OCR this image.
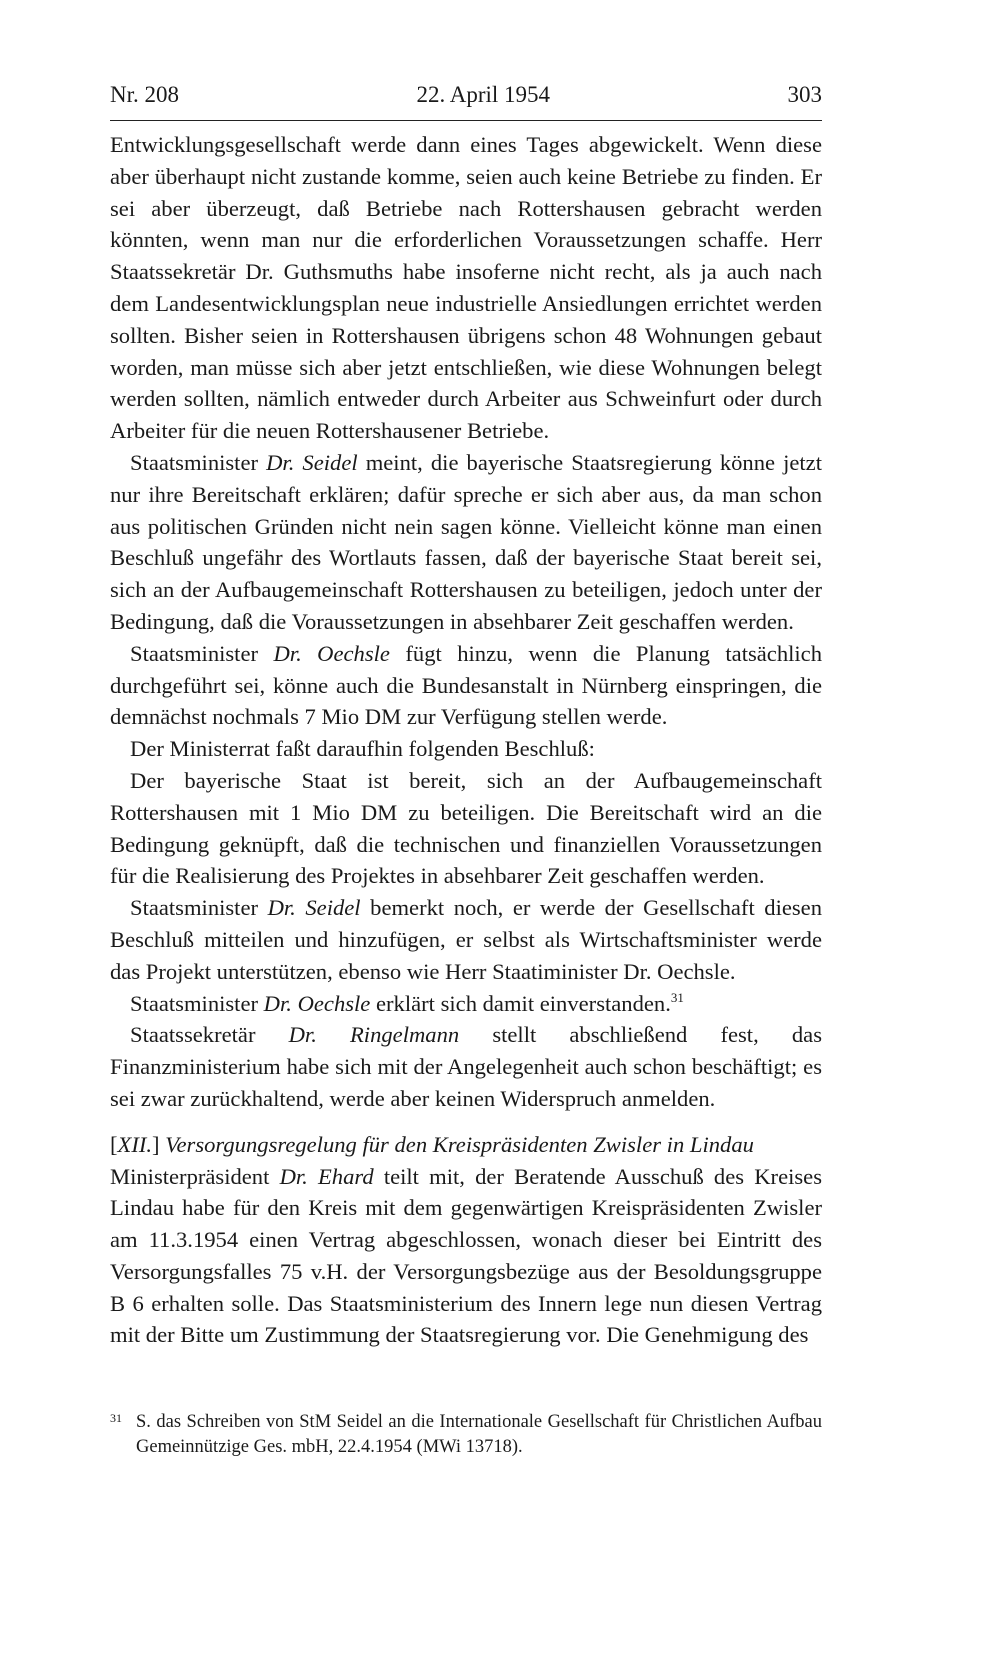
Nr. 208	22. April 1954	303

Entwicklungsgesellschaft werde dann eines Tages abgewickelt. Wenn diese aber überhaupt nicht zustande komme, seien auch keine Betriebe zu finden. Er sei aber überzeugt, daß Betriebe nach Rottershausen gebracht werden könnten, wenn man nur die erforderlichen Voraussetzungen schaffe. Herr Staatssekretär Dr. Guthsmuths habe insoferne nicht recht, als ja auch nach dem Landesentwicklungsplan neue industrielle Ansiedlungen errichtet werden sollten. Bisher seien in Rottershausen übrigens schon 48 Wohnungen gebaut worden, man müsse sich aber jetzt entschließen, wie diese Wohnungen belegt werden sollten, nämlich entweder durch Arbeiter aus Schweinfurt oder durch Arbeiter für die neuen Rottershausener Betriebe.

Staatsminister Dr. Seidel meint, die bayerische Staatsregierung könne jetzt nur ihre Bereitschaft erklären; dafür spreche er sich aber aus, da man schon aus politischen Gründen nicht nein sagen könne. Vielleicht könne man einen Beschluß ungefähr des Wortlauts fassen, daß der bayerische Staat bereit sei, sich an der Aufbaugemeinschaft Rottershausen zu beteiligen, jedoch unter der Bedingung, daß die Voraussetzungen in absehbarer Zeit geschaffen werden.

Staatsminister Dr. Oechsle fügt hinzu, wenn die Planung tatsächlich durchgeführt sei, könne auch die Bundesanstalt in Nürnberg einspringen, die demnächst nochmals 7 Mio DM zur Verfügung stellen werde.

Der Ministerrat faßt daraufhin folgenden Beschluß:

Der bayerische Staat ist bereit, sich an der Aufbaugemeinschaft Rottershausen mit 1 Mio DM zu beteiligen. Die Bereitschaft wird an die Bedingung geknüpft, daß die technischen und finanziellen Voraussetzungen für die Realisierung des Projektes in absehbarer Zeit geschaffen werden.

Staatsminister Dr. Seidel bemerkt noch, er werde der Gesellschaft diesen Beschluß mitteilen und hinzufügen, er selbst als Wirtschaftsminister werde das Projekt unterstützen, ebenso wie Herr Staatiminister Dr. Oechsle.

Staatsminister Dr. Oechsle erklärt sich damit einverstanden.$^{31}$

Staatssekretär Dr. Ringelmann stellt abschließend fest, das Finanzministerium habe sich mit der Angelegenheit auch schon beschäftigt; es sei zwar zurückhaltend, werde aber keinen Widerspruch anmelden.

[XII.] Versorgungsregelung für den Kreispräsidenten Zwisler in Lindau

Ministerpräsident Dr. Ehard teilt mit, der Beratende Ausschuß des Kreises Lindau habe für den Kreis mit dem gegenwärtigen Kreispräsidenten Zwisler am 11.3.1954 einen Vertrag abgeschlossen, wonach dieser bei Eintritt des Versorgungsfalles 75 v.H. der Versorgungsbezüge aus der Besoldungsgruppe B 6 erhalten solle. Das Staatsministerium des Innern lege nun diesen Vertrag mit der Bitte um Zustimmung der Staatsregierung vor. Die Genehmigung des

31 S. das Schreiben von StM Seidel an die Internationale Gesellschaft für Christlichen Aufbau Gemeinnützige Ges. mbH, 22.4.1954 (MWi 13718).
